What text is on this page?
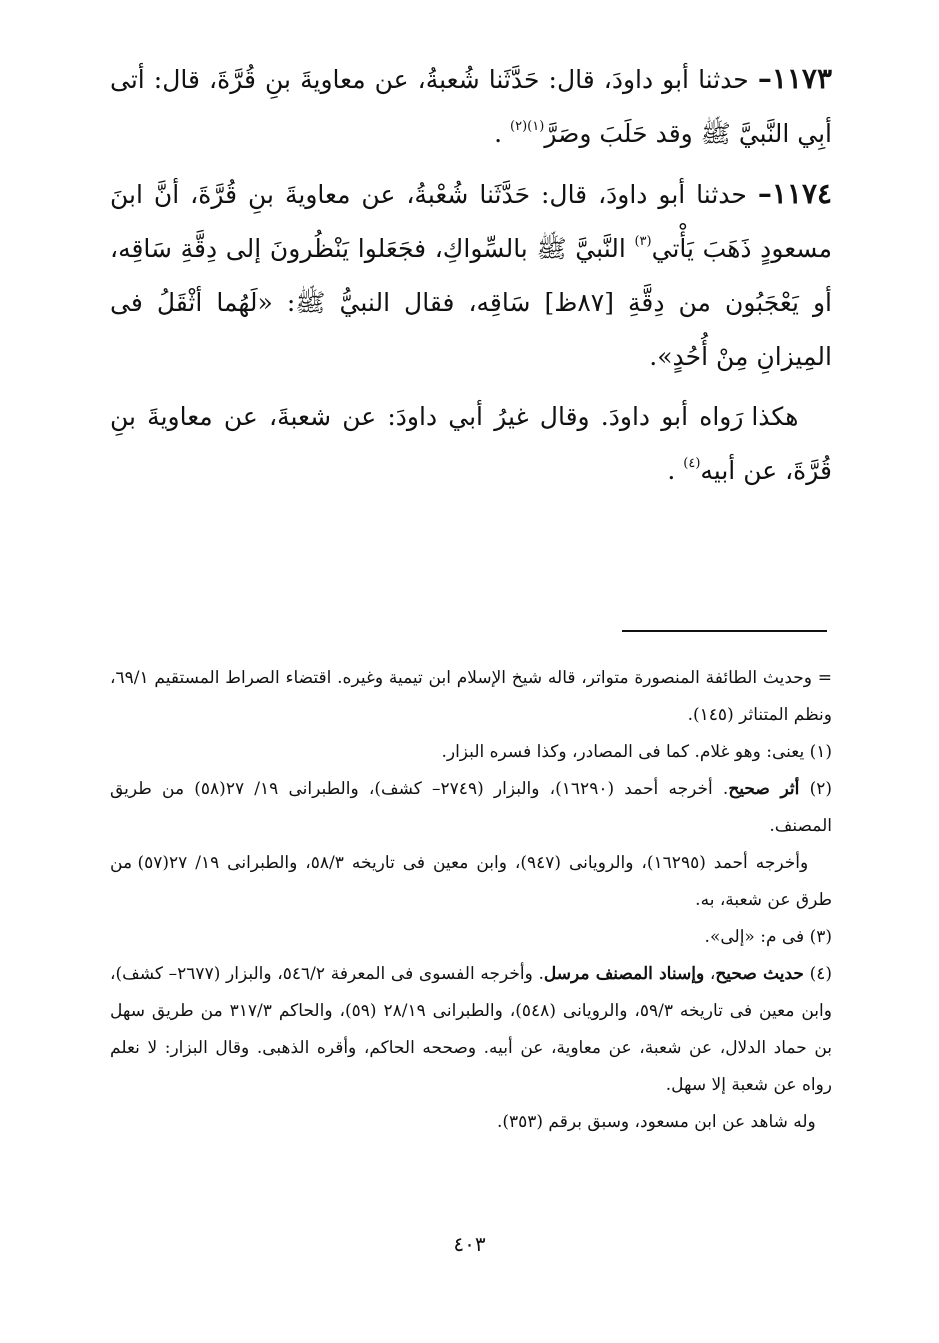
١١٧٣– حدثنا أبو داودَ، قال: حَدَّثَنا شُعبةُ، عن معاويةَ بنِ قُرَّةَ، قال: أتى أبِي النَّبيَّ ﷺ وقد حَلَبَ وصَرَّ$^{(١)(٢)}$ .

١١٧٤– حدثنا أبو داودَ، قال: حَدَّثَنا شُعْبةُ، عن معاويةَ بنِ قُرَّةَ، أنَّ ابنَ مسعودٍ ذَهَبَ يَأْتي$^{(٣)}$ النَّبيَّ ﷺ بالسِّواكِ، فجَعَلوا يَنْظُرونَ إلى دِقَّةِ سَاقِه، أو يَعْجَبُون من دِقَّةِ [٨٧ظ] سَاقِه، فقال النبيُّ ﷺ: «لَهُما أثْقَلُ فى المِيزانِ مِنْ أُحُدٍ».

هكذا رَواه أبو داودَ. وقال غيرُ أبي داودَ: عن شعبةَ، عن معاويةَ بنِ قُرَّةَ، عن أبيه$^{(٤)}$ .

= وحديث الطائفة المنصورة متواتر، قاله شيخ الإسلام ابن تيمية وغيره. اقتضاء الصراط المستقيم ٦٩/١، ونظم المتناثر (١٤٥).

(١) يعنى: وهو غلام. كما فى المصادر، وكذا فسره البزار.

(٢) أثر صحيح. أخرجه أحمد (١٦٢٩٠)، والبزار (٢٧٤٩– كشف)، والطبرانى ١٩/ ٢٧(٥٨) من طريق المصنف.

وأخرجه أحمد (١٦٢٩٥)، والرويانى (٩٤٧)، وابن معين فى تاريخه ٥٨/٣، والطبرانى ١٩/ ٢٧(٥٧) من طرق عن شعبة، به.

(٣) فى م: «إلى».

(٤) حديث صحيح، وإسناد المصنف مرسل. وأخرجه الفسوى فى المعرفة ٥٤٦/٢، والبزار (٢٦٧٧– كشف)، وابن معين فى تاريخه ٥٩/٣، والرويانى (٥٤٨)، والطبرانى ٢٨/١٩ (٥٩)، والحاكم ٣١٧/٣ من طريق سهل بن حماد الدلال، عن شعبة، عن معاوية، عن أبيه. وصححه الحاكم، وأقره الذهبى. وقال البزار: لا نعلم رواه عن شعبة إلا سهل.

وله شاهد عن ابن مسعود، وسبق برقم (٣٥٣).

٤٠٣
